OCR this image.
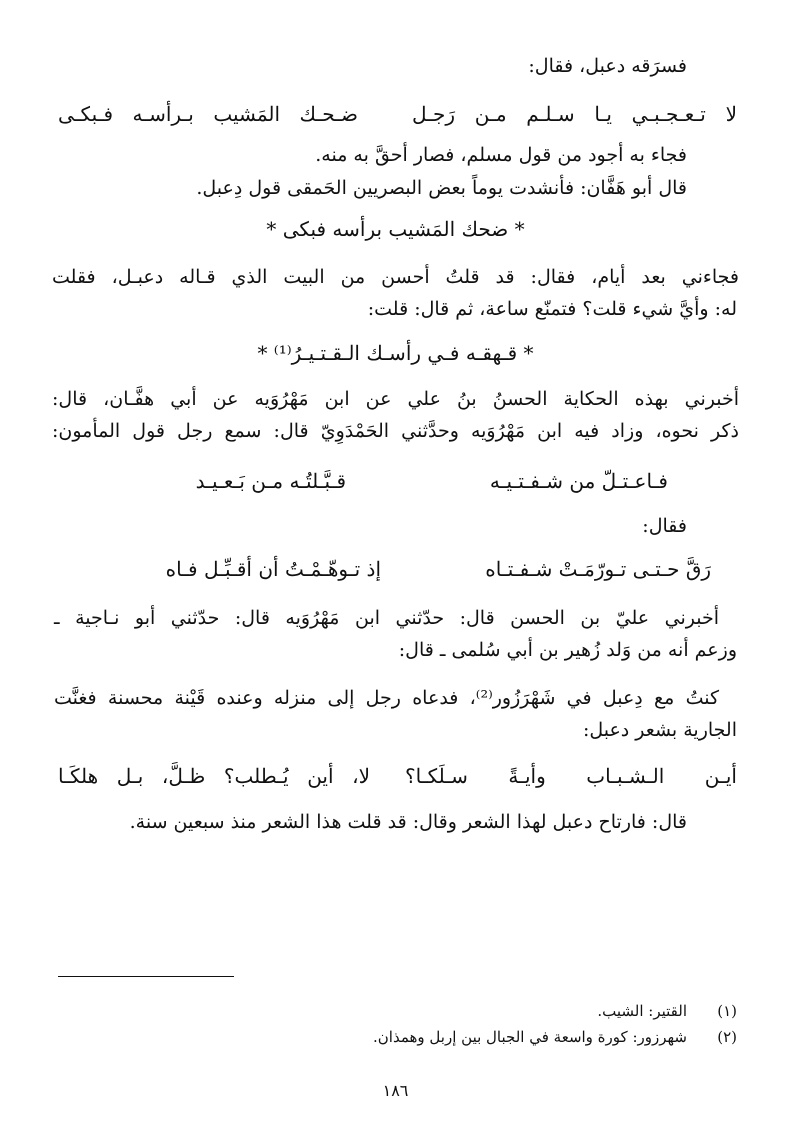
فسرَقه دعبل، فقال:
لا تـعـجـبـي يـا سـلـم مـن رَجـل
ضـحـك المَشيب بـرأسـه فـبكـى
فجاء به أجود من قول مسلم، فصار أحقَّ به منه.
قال أبو هَفَّان: فأنشدت يوماً بعض البصريين الحَمقى قول دِعبل.
* ضحك المَشيب برأسه فبكى *
فجاءني بعد أيام، فقال: قد قلتُ أحسن من البيت الذي قـاله دعبـل، فقلت
له: وأيَّ شيء قلت؟ فتمنّع ساعة، ثم قال: قلت:
* قـهقـه فـي رأسـك الـقـتـيـرُ⁽¹⁾ *
أخبرني بهذه الحكاية الحسنُ بنُ علي عن ابن مَهْرُوَيه عن أبي هفَّـان، قال:
ذكر نحوه، وزاد فيه ابن مَهْرُوَيه وحدَّثني الحَمْدَوِيّ قال: سمع رجل قول المأمون:
قـبَّـلتُـه مـن بَـعـيـد	فـاعـتـلّ من شـفـتـيـه
فقال:
رَقَّ حـتـى تـورّمَـتْ شـفـتـاه
إذ تـوهّـمْـتُ أن أقـبِّـل فـاه
أخبرني عليّ بن الحسن قال: حدّثني ابن مَهْرُوَيه قال: حدّثني أبو نـاجية ـ
وزعم أنه من وَلد زُهير بن أبي سُلمى ـ قال:
كنتُ مع دِعبل في شَهْرَزُور⁽²⁾، فدعاه رجل إلى منزله وعنده قَيْنة محسنة فغنَّت
الجارية بشعر دعبل:
أيـن الـشـبـاب وأيـةً سـلَكـا؟
لا، أين يُـطلب؟ ظـلَّ، بـل هلكَـا
قال: فارتاح دعبل لهذا الشعر وقال: قد قلت هذا الشعر منذ سبعين سنة.
(١)
القتير: الشيب.
(٢)
شهرزور: كورة واسعة في الجبال بين إربل وهمذان.
١٨٦
